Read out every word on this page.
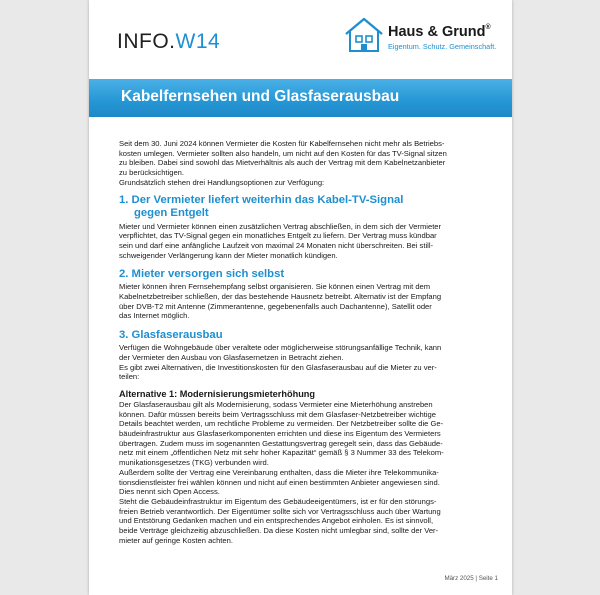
INFO.W14	Haus & Grund®
Eigentum. Schutz. Gemeinschaft.
Kabelfernsehen und Glasfaserausbau
Seit dem 30. Juni 2024 können Vermieter die Kosten für Kabelfernsehen nicht mehr als Betriebs-
kosten umlegen. Vermieter sollten also handeln, um nicht auf den Kosten für das TV-Signal sitzen
zu bleiben. Dabei sind sowohl das Mietverhältnis als auch der Vertrag mit dem Kabelnetzanbieter
zu berücksichtigen.
Grundsätzlich stehen drei Handlungsoptionen zur Verfügung:
1. Der Vermieter liefert weiterhin das Kabel-TV-Signal
gegen Entgelt
Mieter und Vermieter können einen zusätzlichen Vertrag abschließen, in dem sich der Vermieter
verpflichtet, das TV-Signal gegen ein monatliches Entgelt zu liefern. Der Vertrag muss kündbar
sein und darf eine anfängliche Laufzeit von maximal 24 Monaten nicht überschreiten. Bei still-
schweigender Verlängerung kann der Mieter monatlich kündigen.
2. Mieter versorgen sich selbst
Mieter können ihren Fernsehempfang selbst organisieren. Sie können einen Vertrag mit dem
Kabelnetzbetreiber schließen, der das bestehende Hausnetz betreibt. Alternativ ist der Empfang
über DVB-T2 mit Antenne (Zimmerantenne, gegebenenfalls auch Dachantenne), Satellit oder
das Internet möglich.
3. Glasfaserausbau
Verfügen die Wohngebäude über veraltete oder möglicherweise störungsanfällige Technik, kann
der Vermieter den Ausbau von Glasfasernetzen in Betracht ziehen.
Es gibt zwei Alternativen, die Investitionskosten für den Glasfaserausbau auf die Mieter zu ver-
teilen:
Alternative 1: Modernisierungsmieterhöhung
Der Glasfaserausbau gilt als Modernisierung, sodass Vermieter eine Mieterhöhung anstreben
können. Dafür müssen bereits beim Vertragsschluss mit dem Glasfaser-Netzbetreiber wichtige
Details beachtet werden, um rechtliche Probleme zu vermeiden. Der Netzbetreiber sollte die Ge-
bäudeinfrastruktur aus Glasfaserkomponenten errichten und diese ins Eigentum des Vermieters
übertragen. Zudem muss im sogenannten Gestattungsvertrag geregelt sein, dass das Gebäude-
netz mit einem „öffentlichen Netz mit sehr hoher Kapazität“ gemäß § 3 Nummer 33 des Telekom-
munikationsgesetzes (TKG) verbunden wird.
Außerdem sollte der Vertrag eine Vereinbarung enthalten, dass die Mieter ihre Telekommunika-
tionsdienstleister frei wählen können und nicht auf einen bestimmten Anbieter angewiesen sind.
Dies nennt sich Open Access.
Steht die Gebäudeinfrastruktur im Eigentum des Gebäudeeigentümers, ist er für den störungs-
freien Betrieb verantwortlich. Der Eigentümer sollte sich vor Vertragsschluss auch über Wartung
und Entstörung Gedanken machen und ein entsprechendes Angebot einholen. Es ist sinnvoll,
beide Verträge gleichzeitig abzuschließen. Da diese Kosten nicht umlegbar sind, sollte der Ver-
mieter auf geringe Kosten achten.
März 2025 | Seite 1
